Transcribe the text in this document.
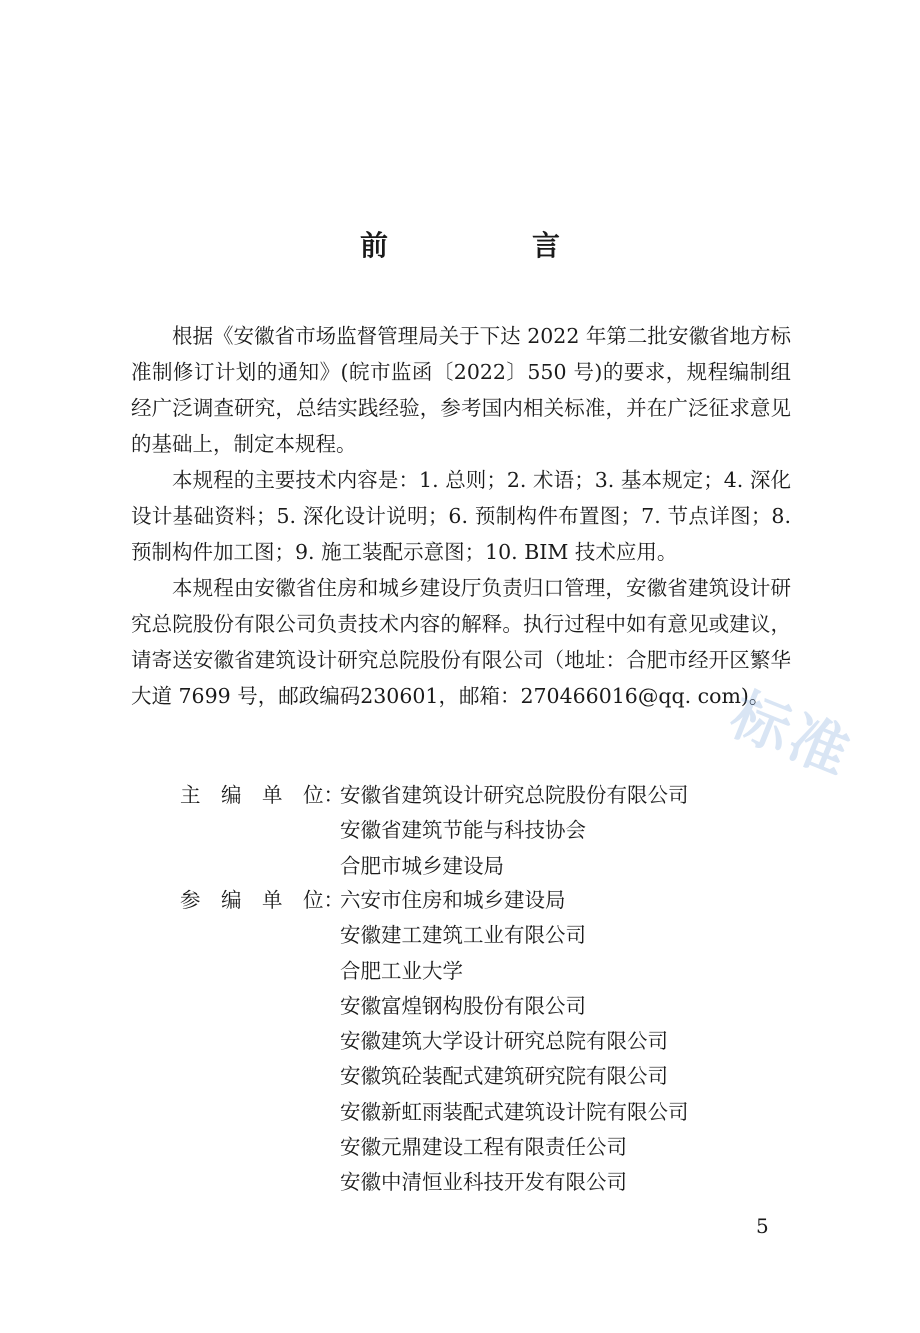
前　言

根据《安徽省市场监督管理局关于下达 2022 年第二批安徽省地方标准制修订计划的通知》(皖市监函〔2022〕550 号)的要求，规程编制组经广泛调查研究，总结实践经验，参考国内相关标准，并在广泛征求意见的基础上，制定本规程。

本规程的主要技术内容是：1. 总则；2. 术语；3. 基本规定；4. 深化设计基础资料；5. 深化设计说明；6. 预制构件布置图；7. 节点详图；8. 预制构件加工图；9. 施工装配示意图；10. BIM 技术应用。

本规程由安徽省住房和城乡建设厅负责归口管理，安徽省建筑设计研究总院股份有限公司负责技术内容的解释。执行过程中如有意见或建议，请寄送安徽省建筑设计研究总院股份有限公司（地址：合肥市经开区繁华大道 7699 号，邮政编码230601，邮箱：270466016@qq. com)。

主　编　单　位：
安徽省建筑设计研究总院股份有限公司
安徽省建筑节能与科技协会
合肥市城乡建设局
参　编　单　位：
六安市住房和城乡建设局
安徽建工建筑工业有限公司
合肥工业大学
安徽富煌钢构股份有限公司
安徽建筑大学设计研究总院有限公司
安徽筑砼装配式建筑研究院有限公司
安徽新虹雨装配式建筑设计院有限公司
安徽元鼎建设工程有限责任公司
安徽中清恒业科技开发有限公司
5
标准
